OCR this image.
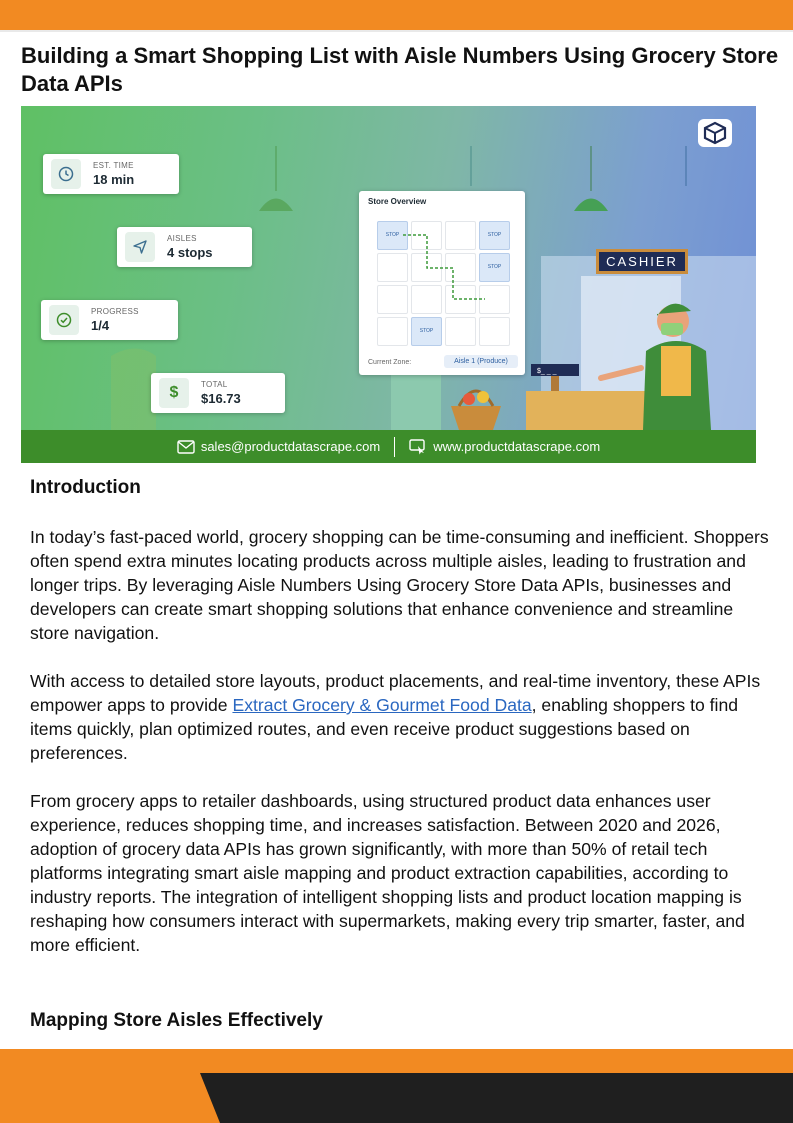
Building a Smart Shopping List with Aisle Numbers Using Grocery Store Data APIs
$_ _ _
EST. TIME
18 min
AISLES
4 stops
PROGRESS
1/4
$	TOTAL
$16.73
Store Overview
STOP	STOP
STOP
STOP
Current Zone:	Aisle 1 (Produce)
CASHIER
sales@productdatascrape.com	www.productdatascrape.com
Introduction

In today’s fast-paced world, grocery shopping can be time-consuming and inefficient. Shoppers often spend extra minutes locating products across multiple aisles, leading to frustration and longer trips. By leveraging Aisle Numbers Using Grocery Store Data APIs, businesses and developers can create smart shopping solutions that enhance convenience and streamline store navigation.

With access to detailed store layouts, product placements, and real-time inventory, these APIs empower apps to provide Extract Grocery & Gourmet Food Data, enabling shoppers to find items quickly, plan optimized routes, and even receive product suggestions based on preferences.

From grocery apps to retailer dashboards, using structured product data enhances user experience, reduces shopping time, and increases satisfaction. Between 2020 and 2026, adoption of grocery data APIs has grown significantly, with more than 50% of retail tech platforms integrating smart aisle mapping and product extraction capabilities, according to industry reports. The integration of intelligent shopping lists and product location mapping is reshaping how consumers interact with supermarkets, making every trip smarter, faster, and more efficient.

Mapping Store Aisles Effectively
